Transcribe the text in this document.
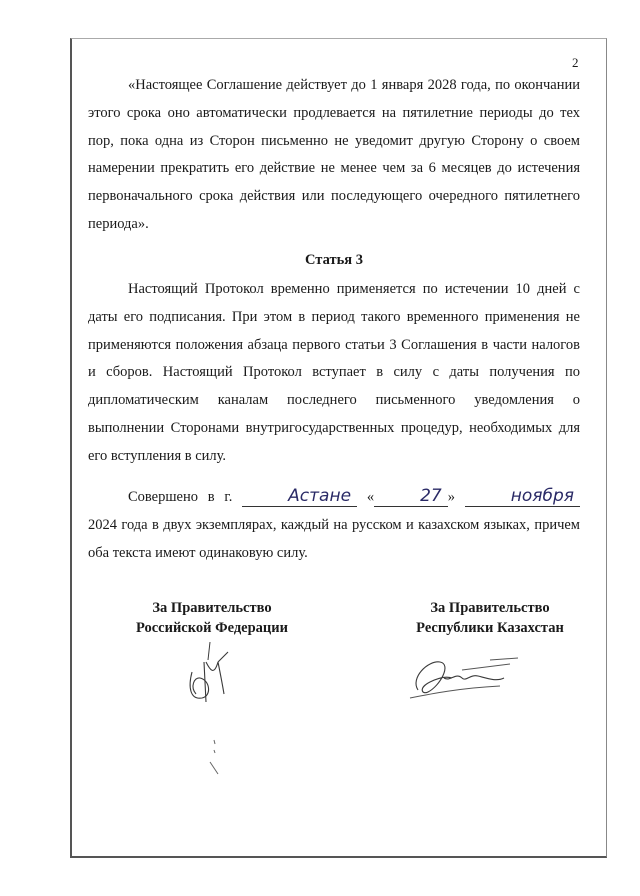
2

«Настоящее Соглашение действует до 1 января 2028 года, по окончании этого срока оно автоматически продлевается на пятилетние периоды до тех пор, пока одна из Сторон письменно не уведомит другую Сторону о своем намерении прекратить его действие не менее чем за 6 месяцев до истечения первоначального срока действия или последующего очередного пятилетнего периода».

Статья 3

Настоящий Протокол временно применяется по истечении 10 дней с даты его подписания. При этом в период такого временного применения не применяются положения абзаца первого статьи 3 Соглашения в части налогов и сборов. Настоящий Протокол вступает в силу с даты получения по дипломатическим каналам последнего письменного уведомления о выполнении Сторонами внутригосударственных процедур, необходимых для его вступления в силу.

Совершено в г.	Астане «	27 »	ноября 2024 года в двух экземплярах, каждый на русском и казахском языках, причем оба текста имеют одинаковую силу.

За Правительство
Российской Федерации
За Правительство
Республики Казахстан
